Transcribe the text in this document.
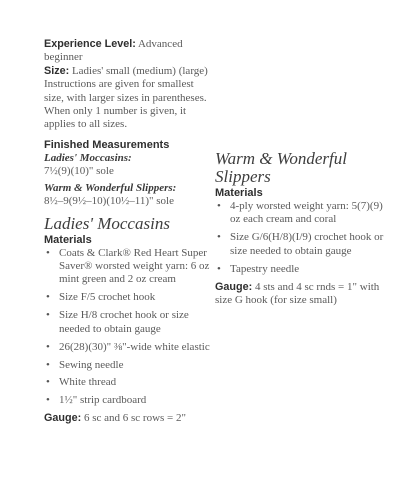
Experience Level: Advanced beginner

Size: Ladies' small (medium) (large) Instructions are given for smallest size, with larger sizes in parentheses. When only 1 number is given, it applies to all sizes.

Finished Measurements

Ladies' Moccasins:

7½(9)(10)" sole

Warm & Wonderful Slippers:

8½–9(9½–10)(10½–11)" sole

Ladies' Moccasins

Materials

• Coats & Clark® Red Heart Super Saver® worsted weight yarn: 6 oz mint green and 2 oz cream
• Size F/5 crochet hook
• Size H/8 crochet hook or size needed to obtain gauge
• 26(28)(30)" ⅜"-wide white elastic
• Sewing needle
• White thread
• 1½" strip cardboard

Gauge: 6 sc and 6 sc rows = 2"

Warm & Wonderful Slippers

Materials

• 4-ply worsted weight yarn: 5(7)(9) oz each cream and coral
• Size G/6(H/8)(I/9) crochet hook or size needed to obtain gauge
• Tapestry needle

Gauge: 4 sts and 4 sc rnds = 1" with size G hook (for size small)
